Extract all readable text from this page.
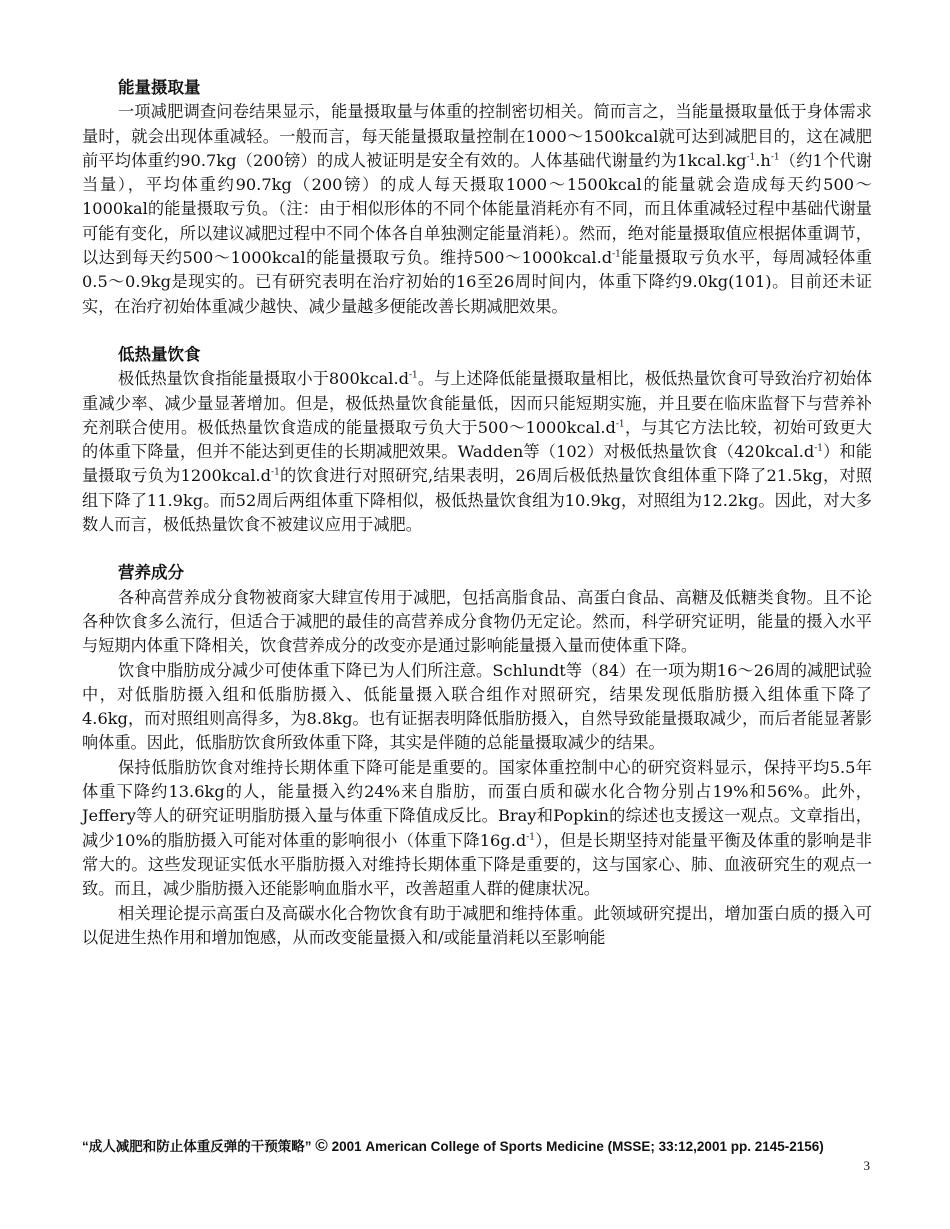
能量摄取量
一项减肥调查问卷结果显示，能量摄取量与体重的控制密切相关。简而言之，当能量摄取量低于身体需求量时，就会出现体重减轻。一般而言，每天能量摄取量控制在1000～1500kcal就可达到减肥目的，这在减肥前平均体重约90.7kg（200镑）的成人被证明是安全有效的。人体基础代谢量约为$1kcal.kg^{-1}.h^{-1}$（约1个代谢当量），平均体重约90.7kg（200镑）的成人每天摄取1000～1500kcal的能量就会造成每天约500～1000kal的能量摄取亏负。（注：由于相似形体的不同个体能量消耗亦有不同，而且体重减轻过程中基础代谢量可能有变化，所以建议减肥过程中不同个体各自单独测定能量消耗）。然而，绝对能量摄取值应根据体重调节，以达到每天约500～1000kcal的能量摄取亏负。维持$500\sim 1000kcal.d^{-1}$能量摄取亏负水平，每周减轻体重0.5～0.9kg是现实的。已有研究表明在治疗初始的16至26周时间内，体重下降约9.0kg(101)。目前还未证实，在治疗初始体重减少越快、减少量越多便能改善长期减肥效果。
低热量饮食
极低热量饮食指能量摄取小于$800kcal.d^{-1}$。与上述降低能量摄取量相比，极低热量饮食可导致治疗初始体重减少率、减少量显著增加。但是，极低热量饮食能量低，因而只能短期实施，并且要在临床监督下与营养补充剂联合使用。极低热量饮食造成的能量摄取亏负大于$500\sim 1000kcal.d^{-1}$，与其它方法比较，初始可致更大的体重下降量，但并不能达到更佳的长期减肥效果。Wadden等（102）对极低热量饮食$(420kcal.d^{-1})$和能量摄取亏负为$1200kcal.d^{-1}$的饮食进行对照研究,结果表明，26周后极低热量饮食组体重下降了21.5kg，对照组下降了11.9kg。而52周后两组体重下降相似，极低热量饮食组为10.9kg，对照组为12.2kg。因此，对大多数人而言，极低热量饮食不被建议应用于减肥。
营养成分
各种高营养成分食物被商家大肆宣传用于减肥，包括高脂食品、高蛋白食品、高糖及低糖类食物。且不论各种饮食多么流行，但适合于减肥的最佳的高营养成分食物仍无定论。然而，科学研究证明，能量的摄入水平与短期内体重下降相关，饮食营养成分的改变亦是通过影响能量摄入量而使体重下降。
饮食中脂肪成分减少可使体重下降已为人们所注意。Schlundt等（84）在一项为期16～26周的减肥试验中，对低脂肪摄入组和低脂肪摄入、低能量摄入联合组作对照研究，结果发现低脂肪摄入组体重下降了4.6kg，而对照组则高得多，为8.8kg。也有证据表明降低脂肪摄入，自然导致能量摄取减少，而后者能显著影响体重。因此，低脂肪饮食所致体重下降，其实是伴随的总能量摄取减少的结果。
保持低脂肪饮食对维持长期体重下降可能是重要的。国家体重控制中心的研究资料显示，保持平均5.5年体重下降约13.6kg的人，能量摄入约24%来自脂肪，而蛋白质和碳水化合物分别占19%和56%。此外，Jeffery等人的研究证明脂肪摄入量与体重下降值成反比。Bray和Popkin的综述也支援这一观点。文章指出，减少10%的脂肪摄入可能对体重的影响很小（体重下降$16g.d^{-1}$），但是长期坚持对能量平衡及体重的影响是非常大的。这些发现证实低水平脂肪摄入对维持长期体重下降是重要的，这与国家心、肺、血液研究生的观点一致。而且，减少脂肪摄入还能影响血脂水平，改善超重人群的健康状况。
相关理论提示高蛋白及高碳水化合物饮食有助于减肥和维持体重。此领域研究提出，增加蛋白质的摄入可以促进生热作用和增加饱感，从而改变能量摄入和/或能量消耗以至影响能
“成人减肥和防止体重反弹的干预策略” © 2001 American College of Sports Medicine (MSSE; 33:12,2001 pp. 2145-2156)
3
